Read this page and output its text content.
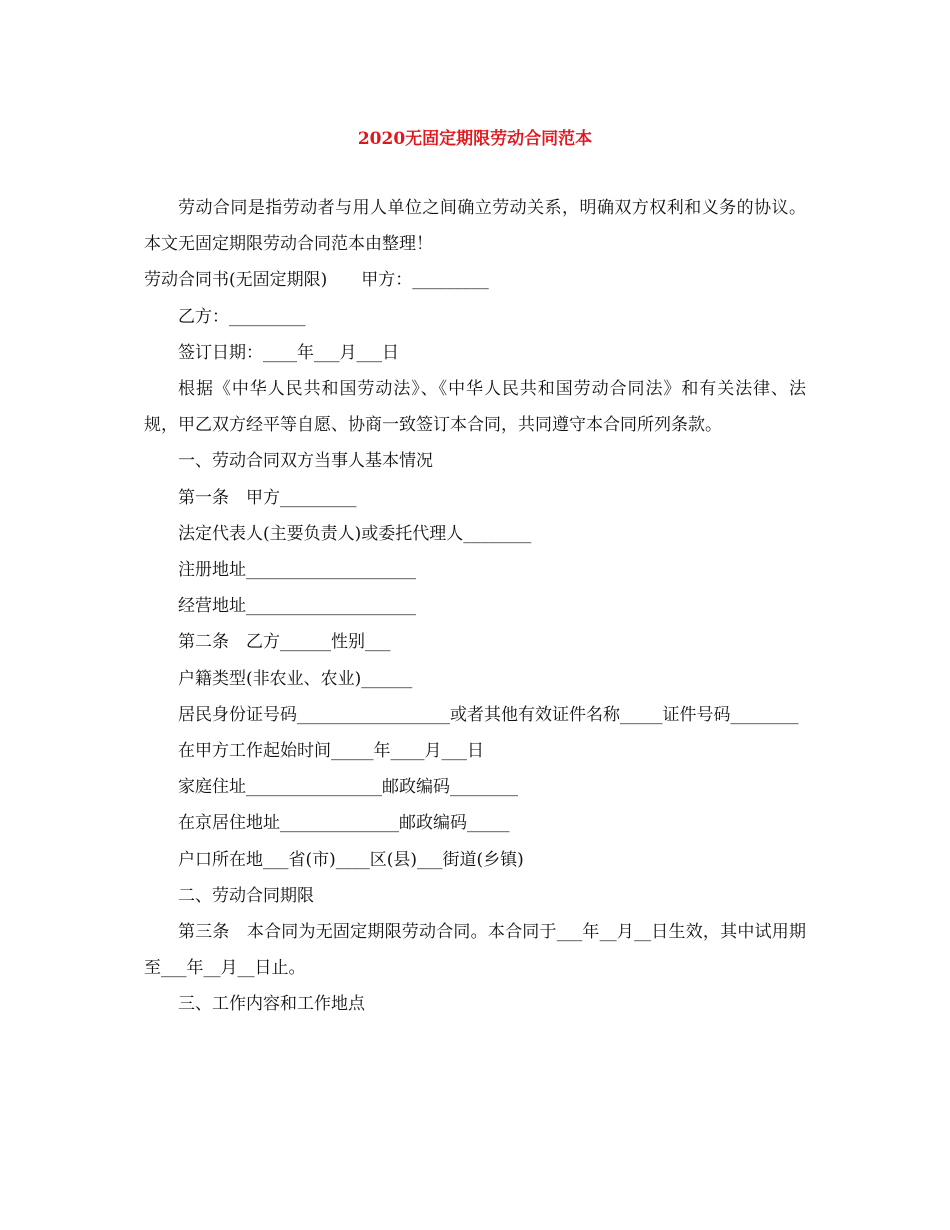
2020无固定期限劳动合同范本

劳动合同是指劳动者与用人单位之间确立劳动关系，明确双方权利和义务的协议。本文无固定期限劳动合同范本由整理！

劳动合同书(无固定期限)　　甲方：_________

乙方：_________

签订日期：____年___月___日

根据《中华人民共和国劳动法》、《中华人民共和国劳动合同法》和有关法律、法规，甲乙双方经平等自愿、协商一致签订本合同，共同遵守本合同所列条款。

一、劳动合同双方当事人基本情况

第一条　甲方_________

法定代表人(主要负责人)或委托代理人________

注册地址____________________

经营地址____________________

第二条　乙方______性别___

户籍类型(非农业、农业)______

居民身份证号码__________________或者其他有效证件名称_____证件号码________

在甲方工作起始时间_____年____月___日

家庭住址________________邮政编码________

在京居住地址______________邮政编码_____

户口所在地___省(市)____区(县)___街道(乡镇)

二、劳动合同期限

第三条　本合同为无固定期限劳动合同。本合同于___年__月__日生效，其中试用期至___年__月__日止。

三、工作内容和工作地点
